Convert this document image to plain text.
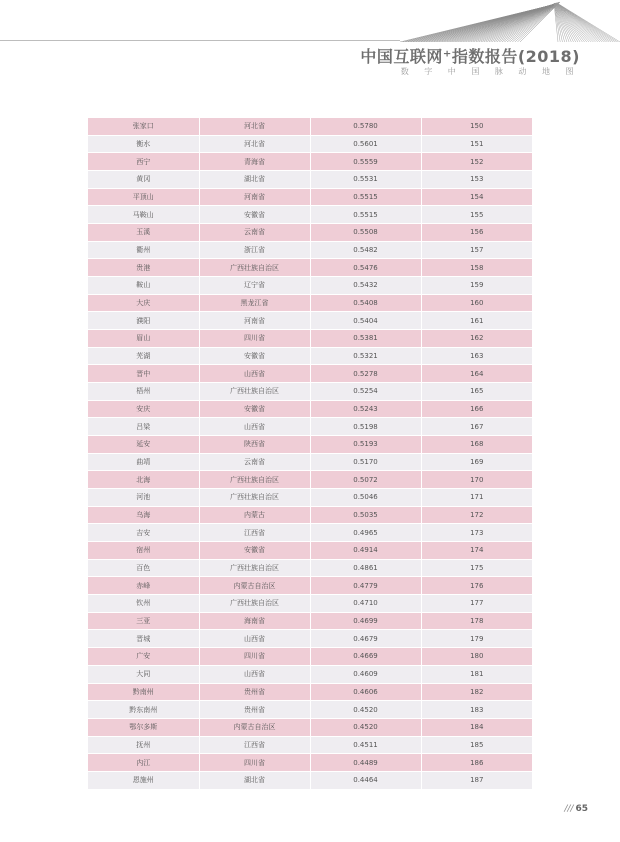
中国互联网⁺指数报告(2018)
数 字 中 国 脉 动 地 图
张家口	河北省	0.5780	150
衡水	河北省	0.5601	151
西宁	青海省	0.5559	152
黄冈	湖北省	0.5531	153
平顶山	河南省	0.5515	154
马鞍山	安徽省	0.5515	155
玉溪	云南省	0.5508	156
衢州	浙江省	0.5482	157
贵港	广西壮族自治区	0.5476	158
鞍山	辽宁省	0.5432	159
大庆	黑龙江省	0.5408	160
濮阳	河南省	0.5404	161
眉山	四川省	0.5381	162
芜湖	安徽省	0.5321	163
晋中	山西省	0.5278	164
梧州	广西壮族自治区	0.5254	165
安庆	安徽省	0.5243	166
吕梁	山西省	0.5198	167
延安	陕西省	0.5193	168
曲靖	云南省	0.5170	169
北海	广西壮族自治区	0.5072	170
河池	广西壮族自治区	0.5046	171
乌海	内蒙古	0.5035	172
吉安	江西省	0.4965	173
宿州	安徽省	0.4914	174
百色	广西壮族自治区	0.4861	175
赤峰	内蒙古自治区	0.4779	176
钦州	广西壮族自治区	0.4710	177
三亚	海南省	0.4699	178
晋城	山西省	0.4679	179
广安	四川省	0.4669	180
大同	山西省	0.4609	181
黔南州	贵州省	0.4606	182
黔东南州	贵州省	0.4520	183
鄂尔多斯	内蒙古自治区	0.4520	184
抚州	江西省	0.4511	185
内江	四川省	0.4489	186
恩施州	湖北省	0.4464	187
/// 65
